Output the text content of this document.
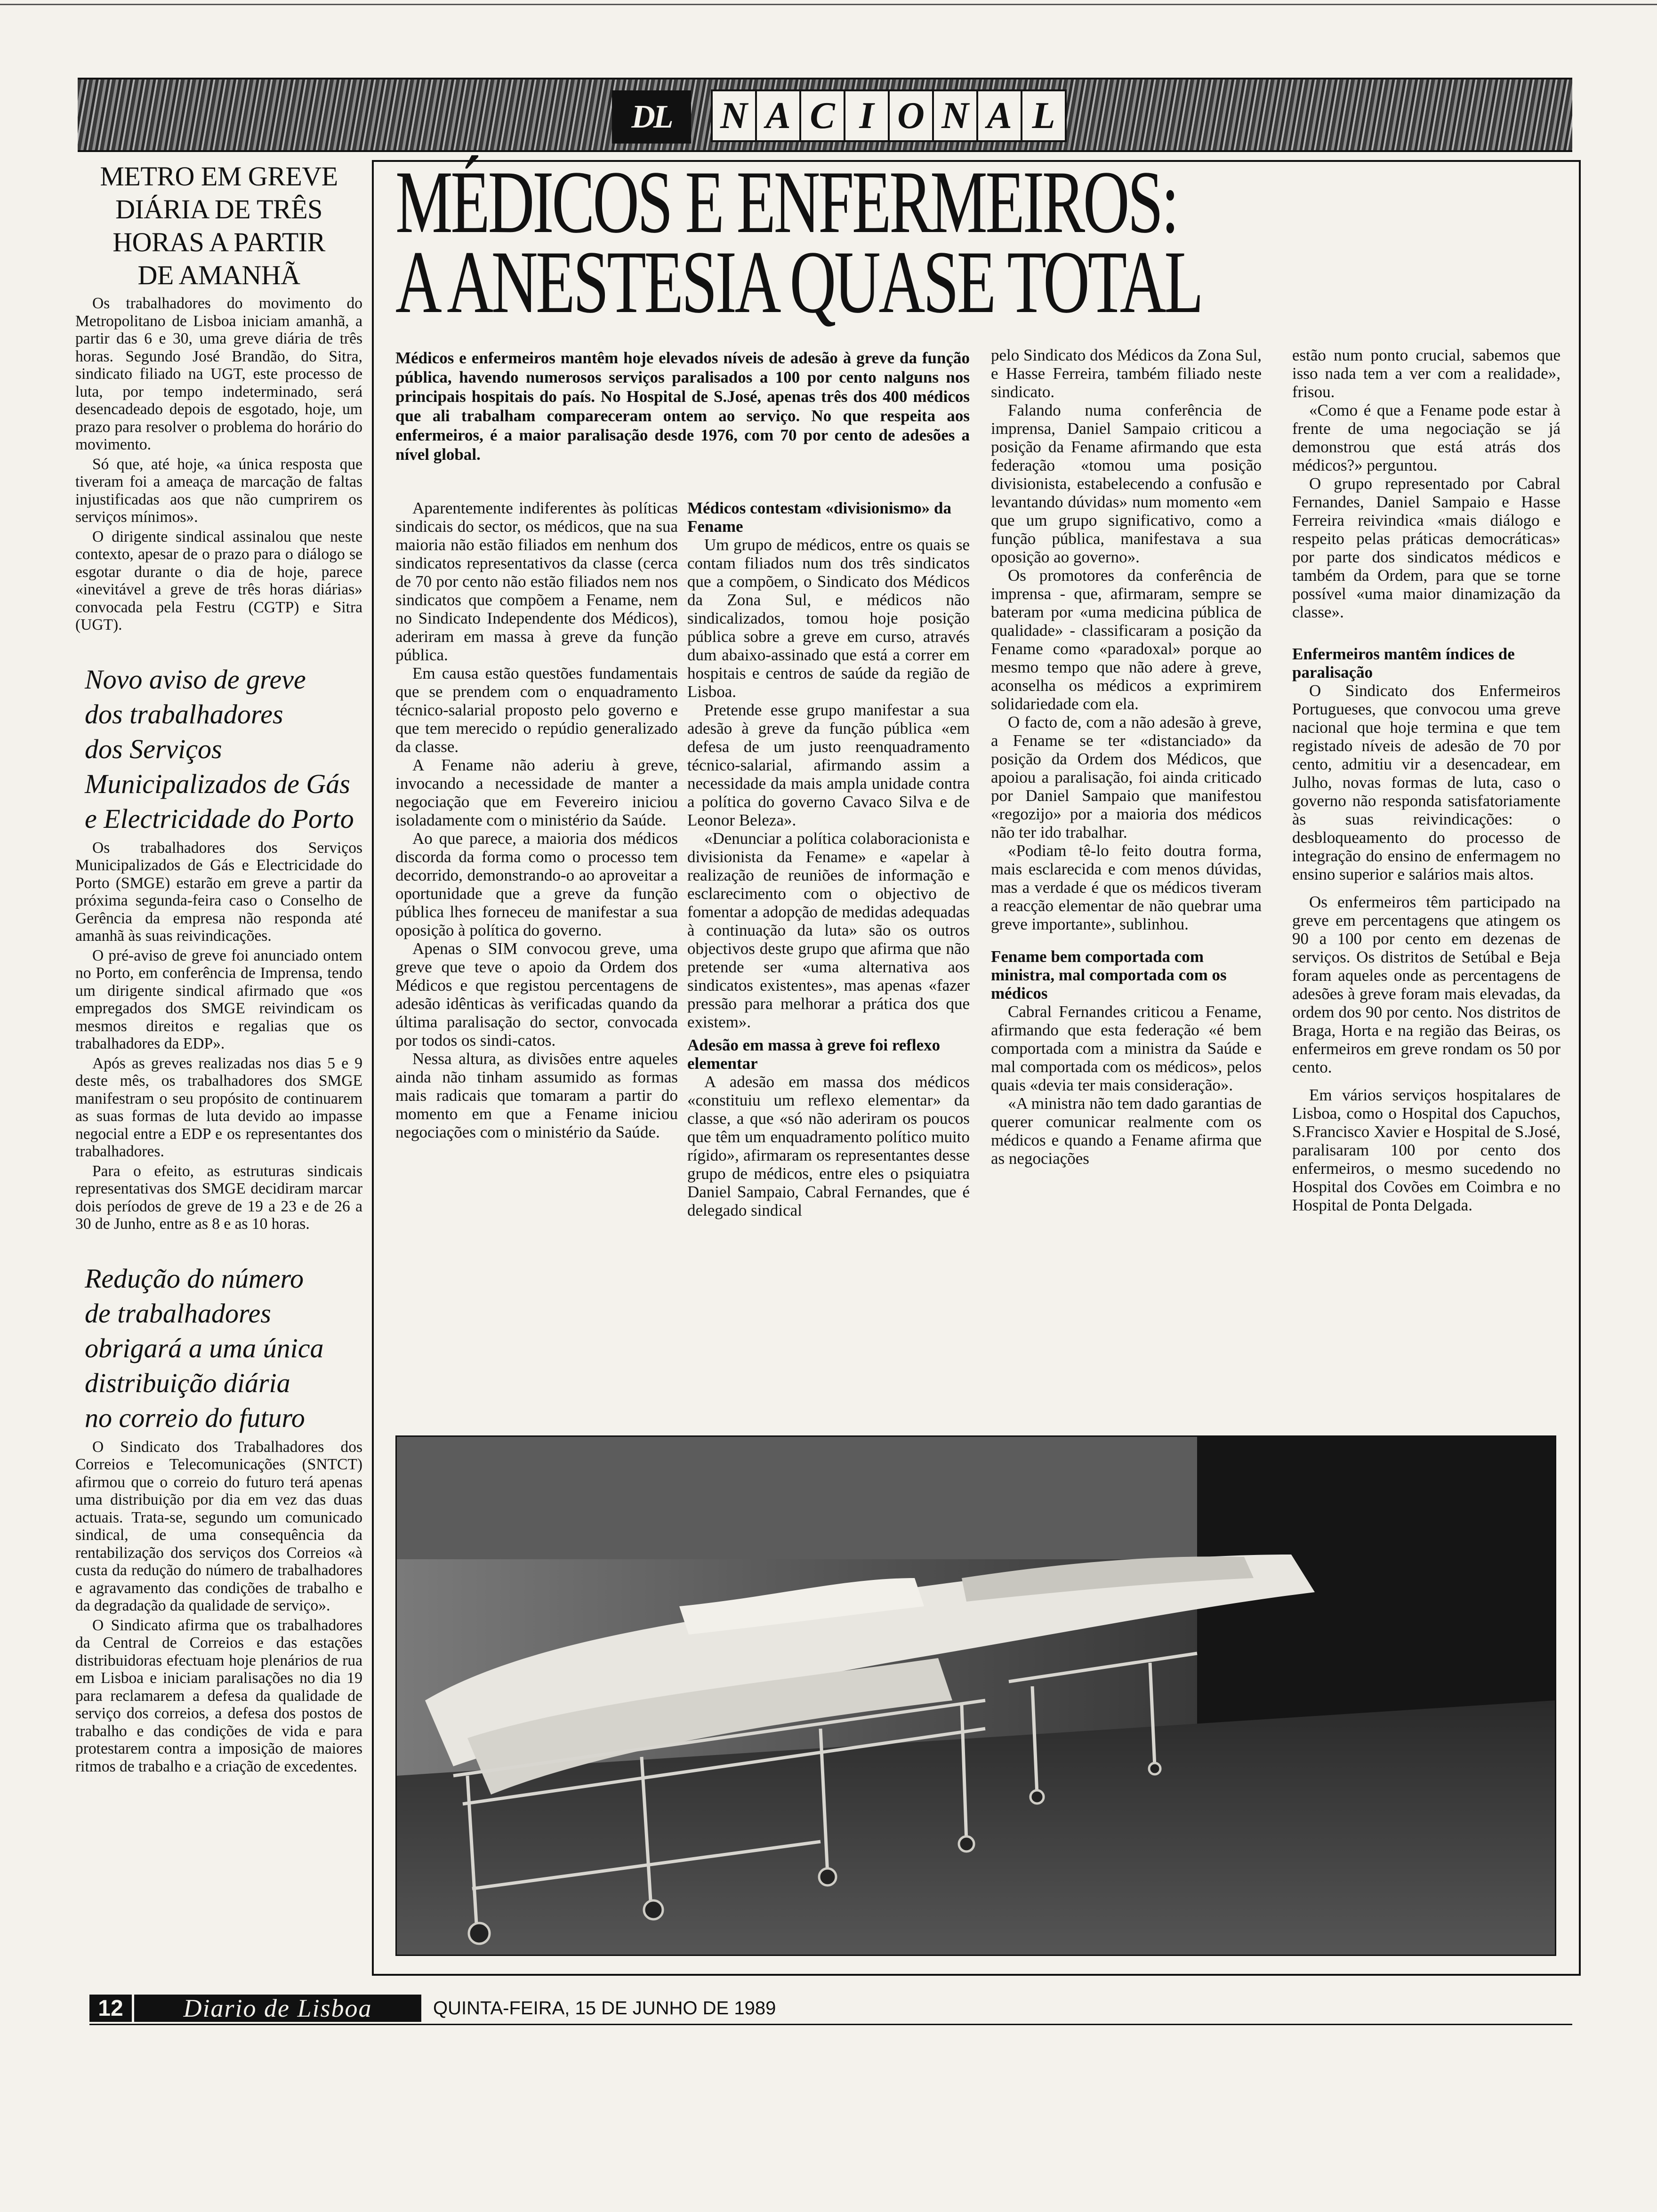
DL	N A C I O N A L
METRO EM GREVE
DIÁRIA DE TRÊS
HORAS A PARTIR
DE AMANHÃ

Os trabalhadores do movimento do Metropolitano de Lisboa iniciam amanhã, a partir das 6 e 30, uma greve diária de três horas. Segundo José Brandão, do Sitra, sindicato filiado na UGT, este processo de luta, por tempo indeterminado, será desencadeado depois de esgotado, hoje, um prazo para resolver o problema do horário do movimento.

Só que, até hoje, «a única resposta que tiveram foi a ameaça de marcação de faltas injustificadas aos que não cumprirem os serviços mínimos».

O dirigente sindical assinalou que neste contexto, apesar de o prazo para o diálogo se esgotar durante o dia de hoje, parece «inevitável a greve de três horas diárias» convocada pela Festru (CGTP) e Sitra (UGT).

Novo aviso de greve
dos trabalhadores
dos Serviços
Municipalizados de Gás
e Electricidade do Porto

Os trabalhadores dos Serviços Municipalizados de Gás e Electricidade do Porto (SMGE) estarão em greve a partir da próxima segunda-feira caso o Conselho de Gerência da empresa não responda até amanhã às suas reivindicações.

O pré-aviso de greve foi anunciado ontem no Porto, em conferência de Imprensa, tendo um dirigente sindical afirmado que «os empregados dos SMGE reivindicam os mesmos direitos e regalias que os trabalhadores da EDP».

Após as greves realizadas nos dias 5 e 9 deste mês, os trabalhadores dos SMGE manifestram o seu propósito de continuarem as suas formas de luta devido ao impasse negocial entre a EDP e os representantes dos trabalhadores.

Para o efeito, as estruturas sindicais representativas dos SMGE decidiram marcar dois períodos de greve de 19 a 23 e de 26 a 30 de Junho, entre as 8 e as 10 horas.

Redução do número
de trabalhadores
obrigará a uma única
distribuição diária
no correio do futuro

O Sindicato dos Trabalhadores dos Correios e Telecomunicações (SNTCT) afirmou que o correio do futuro terá apenas uma distribuição por dia em vez das duas actuais. Trata-se, segundo um comunicado sindical, de uma consequência da rentabilização dos serviços dos Correios «à custa da redução do número de trabalhadores e agravamento das condições de trabalho e da degradação da qualidade de serviço».

O Sindicato afirma que os trabalhadores da Central de Correios e das estações distribuidoras efectuam hoje plenários de rua em Lisboa e iniciam paralisações no dia 19 para reclamarem a defesa da qualidade de serviço dos correios, a defesa dos postos de trabalho e das condições de vida e para protestarem contra a imposição de maiores ritmos de trabalho e a criação de excedentes.

MÉDICOS E ENFERMEIROS:
A ANESTESIA QUASE TOTAL
Médicos e enfermeiros mantêm hoje elevados níveis de adesão à greve da função pública, havendo numerosos serviços paralisados a 100 por cento nalguns nos principais hospitais do país. No Hospital de S.José, apenas três dos 400 médicos que ali trabalham compareceram ontem ao serviço. No que respeita aos enfermeiros, é a maior paralisação desde 1976, com 70 por cento de adesões a nível global.

Aparentemente indiferentes às políticas sindicais do sector, os médicos, que na sua maioria não estão filiados em nenhum dos sindicatos representativos da classe (cerca de 70 por cento não estão filiados nem nos sindicatos que compõem a Fename, nem no Sindicato Independente dos Médicos), aderiram em massa à greve da função pública.

Em causa estão questões fundamentais que se prendem com o enquadramento técnico-salarial proposto pelo governo e que tem merecido o repúdio generalizado da classe.

A Fename não aderiu à greve, invocando a necessidade de manter a negociação que em Fevereiro iniciou isoladamente com o ministério da Saúde.

Ao que parece, a maioria dos médicos discorda da forma como o processo tem decorrido, demonstrando-o ao aproveitar a oportunidade que a greve da função pública lhes forneceu de manifestar a sua oposição à política do governo.

Apenas o SIM convocou greve, uma greve que teve o apoio da Ordem dos Médicos e que registou percentagens de adesão idênticas às verificadas quando da última paralisação do sector, convocada por todos os sindi-catos.

Nessa altura, as divisões entre aqueles ainda não tinham assumido as formas mais radicais que tomaram a partir do momento em que a Fename iniciou negociações com o ministério da Saúde.

Médicos contestam «divisionismo» da Fename

Um grupo de médicos, entre os quais se contam filiados num dos três sindicatos que a compõem, o Sindicato dos Médicos da Zona Sul, e médicos não sindicalizados, tomou hoje posição pública sobre a greve em curso, através dum abaixo-assinado que está a correr em hospitais e centros de saúde da região de Lisboa.

Pretende esse grupo manifestar a sua adesão à greve da função pública «em defesa de um justo reenquadramento técnico-salarial, afirmando assim a necessidade da mais ampla unidade contra a política do governo Cavaco Silva e de Leonor Beleza».

«Denunciar a política colaboracionista e divisionista da Fename» e «apelar à realização de reuniões de informação e esclarecimento com o objectivo de fomentar a adopção de medidas adequadas à continuação da luta» são os outros objectivos deste grupo que afirma que não pretende ser «uma alternativa aos sindicatos existentes», mas apenas «fazer pressão para melhorar a prática dos que existem».

Adesão em massa à greve foi reflexo elementar

A adesão em massa dos médicos «constituiu um reflexo elementar» da classe, a que «só não aderiram os poucos que têm um enquadramento político muito rígido», afirmaram os representantes desse grupo de médicos, entre eles o psiquiatra Daniel Sampaio, Cabral Fernandes, que é delegado sindical

pelo Sindicato dos Médicos da Zona Sul, e Hasse Ferreira, também filiado neste sindicato.

Falando numa conferência de imprensa, Daniel Sampaio criticou a posição da Fename afirmando que esta federação «tomou uma posição divisionista, estabelecendo a confusão e levantando dúvidas» num momento «em que um grupo significativo, como a função pública, manifestava a sua oposição ao governo».

Os promotores da conferência de imprensa - que, afirmaram, sempre se bateram por «uma medicina pública de qualidade» - classificaram a posição da Fename como «paradoxal» porque ao mesmo tempo que não adere à greve, aconselha os médicos a exprimirem solidariedade com ela.

O facto de, com a não adesão à greve, a Fename se ter «distanciado» da posição da Ordem dos Médicos, que apoiou a paralisação, foi ainda criticado por Daniel Sampaio que manifestou «regozijo» por a maioria dos médicos não ter ido trabalhar.

«Podiam tê-lo feito doutra forma, mais esclarecida e com menos dúvidas, mas a verdade é que os médicos tiveram a reacção elementar de não quebrar uma greve importante», sublinhou.

Fename bem comportada com ministra, mal comportada com os médicos

Cabral Fernandes criticou a Fename, afirmando que esta federação «é bem comportada com a ministra da Saúde e mal comportada com os médicos», pelos quais «devia ter mais consideração».

«A ministra não tem dado garantias de querer comunicar realmente com os médicos e quando a Fename afirma que as negociações

estão num ponto crucial, sabemos que isso nada tem a ver com a realidade», frisou.

«Como é que a Fename pode estar à frente de uma negociação se já demonstrou que está atrás dos médicos?» perguntou.

O grupo representado por Cabral Fernandes, Daniel Sampaio e Hasse Ferreira reivindica «mais diálogo e respeito pelas práticas democráticas» por parte dos sindicatos médicos e também da Ordem, para que se torne possível «uma maior dinamização da classe».

Enfermeiros mantêm índices de paralisação

O Sindicato dos Enfermeiros Portugueses, que convocou uma greve nacional que hoje termina e que tem registado níveis de adesão de 70 por cento, admitiu vir a desencadear, em Julho, novas formas de luta, caso o governo não responda satisfatoriamente às suas reivindicações: o desbloqueamento do processo de integração do ensino de enfermagem no ensino superior e salários mais altos.

Os enfermeiros têm participado na greve em percentagens que atingem os 90 a 100 por cento em dezenas de serviços. Os distritos de Setúbal e Beja foram aqueles onde as percentagens de adesões à greve foram mais elevadas, da ordem dos 90 por cento. Nos distritos de Braga, Horta e na região das Beiras, os enfermeiros em greve rondam os 50 por cento.

Em vários serviços hospitalares de Lisboa, como o Hospital dos Capuchos, S.Francisco Xavier e Hospital de S.José, paralisaram 100 por cento dos enfermeiros, o mesmo sucedendo no Hospital dos Covões em Coimbra e no Hospital de Ponta Delgada.

12	Diario de Lisboa	QUINTA-FEIRA, 15 DE JUNHO DE 1989
